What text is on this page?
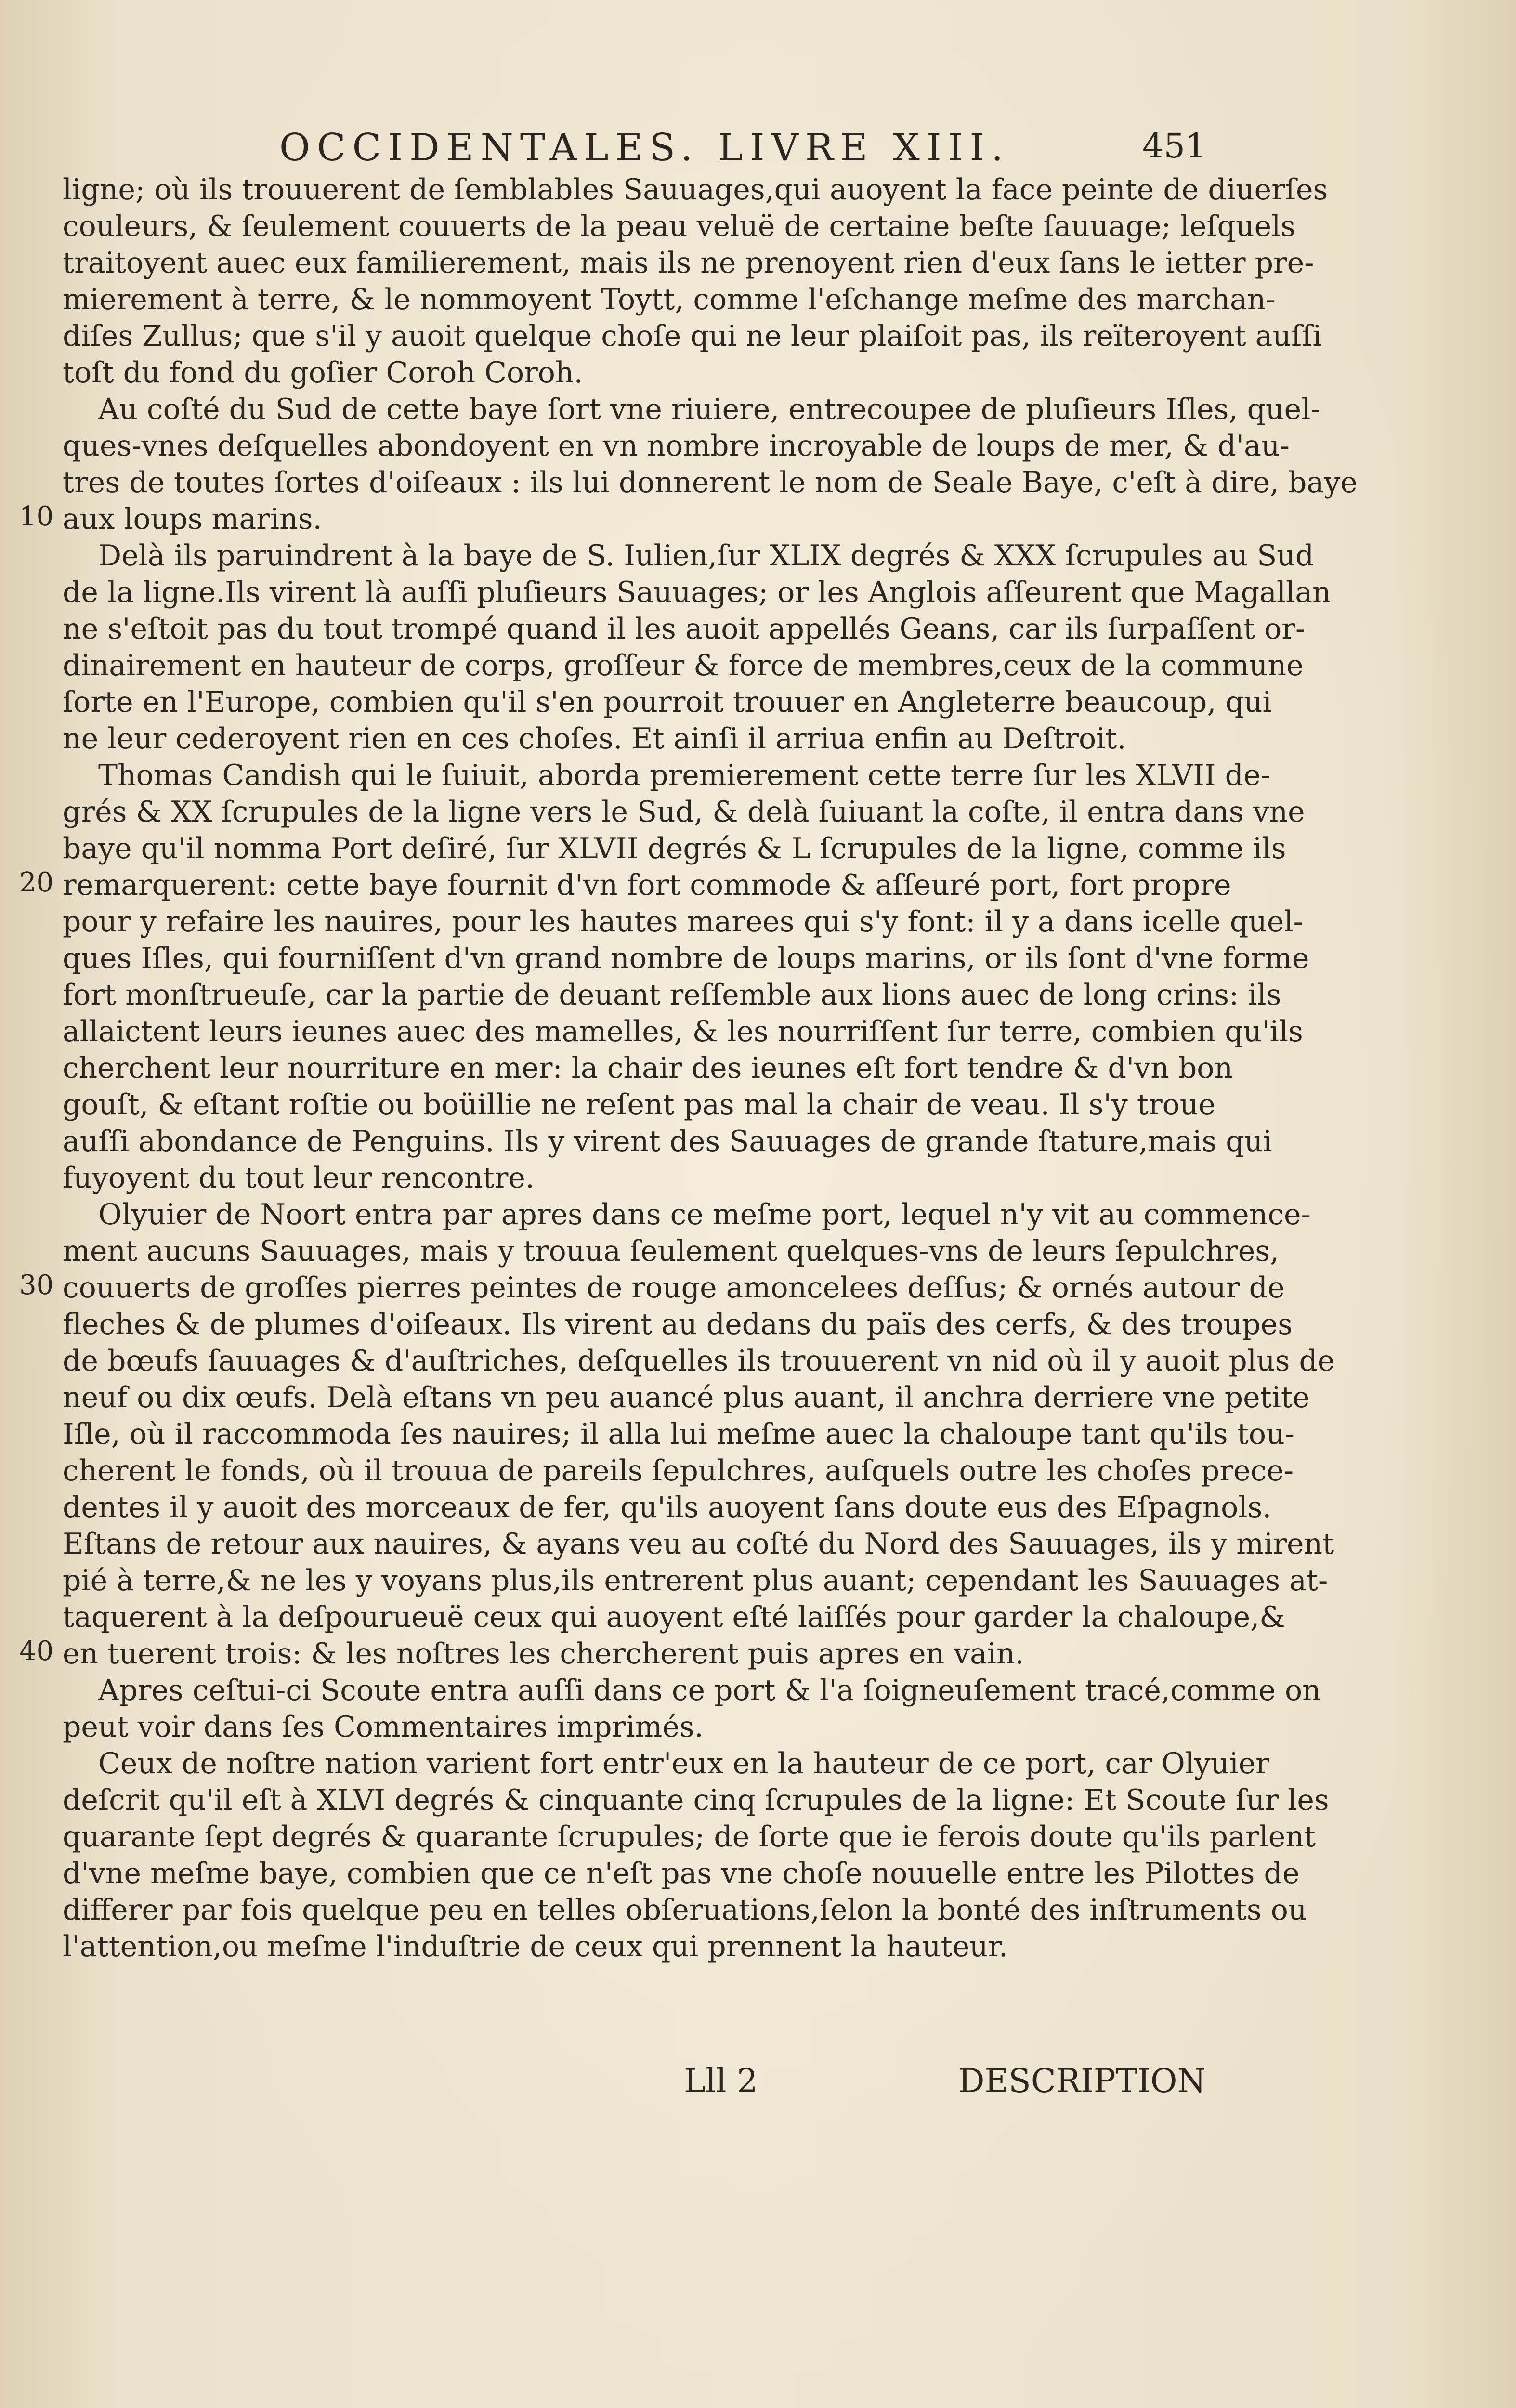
OCCIDENTALES. LIVRE XIII.	451
ligne; où ils trouuerent de ſemblables Sauuages,qui auoyent la face peinte de diuerſes
couleurs, & ſeulement couuerts de la peau veluë de certaine beſte ſauuage; leſquels
traitoyent auec eux familierement, mais ils ne prenoyent rien d'eux ſans le ietter pre-
mierement à terre, & le nommoyent Toytt, comme l'eſchange meſme des marchan-
diſes Zullus; que s'il y auoit quelque choſe qui ne leur plaiſoit pas, ils reïteroyent auſſi
toſt du fond du goſier Coroh Coroh.
Au coſté du Sud de cette baye ſort vne riuiere, entrecoupee de pluſieurs Iſles, quel-
ques-vnes deſquelles abondoyent en vn nombre incroyable de loups de mer, & d'au-
tres de toutes ſortes d'oiſeaux : ils lui donnerent le nom de Seale Baye, c'eſt à dire, baye
aux loups marins.
Delà ils paruindrent à la baye de S. Iulien,ſur XLIX degrés & XXX ſcrupules au Sud
de la ligne.Ils virent là auſſi pluſieurs Sauuages; or les Anglois aſſeurent que Magallan
ne s'eſtoit pas du tout trompé quand il les auoit appellés Geans, car ils ſurpaſſent or-
dinairement en hauteur de corps, groſſeur & force de membres,ceux de la commune
ſorte en l'Europe, combien qu'il s'en pourroit trouuer en Angleterre beaucoup, qui
ne leur cederoyent rien en ces choſes. Et ainſi il arriua enfin au Deſtroit.
Thomas Candish qui le ſuiuit, aborda premierement cette terre ſur les XLVII de-
grés & XX ſcrupules de la ligne vers le Sud, & delà ſuiuant la coſte, il entra dans vne
baye qu'il nomma Port deſiré, ſur XLVII degrés & L ſcrupules de la ligne, comme ils
remarquerent: cette baye fournit d'vn fort commode & aſſeuré port, fort propre
pour y refaire les nauires, pour les hautes marees qui s'y font: il y a dans icelle quel-
ques Iſles, qui fourniſſent d'vn grand nombre de loups marins, or ils ſont d'vne forme
fort monſtrueuſe, car la partie de deuant reſſemble aux lions auec de long crins: ils
allaictent leurs ieunes auec des mamelles, & les nourriſſent ſur terre, combien qu'ils
cherchent leur nourriture en mer: la chair des ieunes eſt fort tendre & d'vn bon
gouſt, & eſtant roſtie ou boüillie ne reſent pas mal la chair de veau. Il s'y troue
auſſi abondance de Penguins. Ils y virent des Sauuages de grande ſtature,mais qui
fuyoyent du tout leur rencontre.
Olyuier de Noort entra par apres dans ce meſme port, lequel n'y vit au commence-
ment aucuns Sauuages, mais y trouua ſeulement quelques-vns de leurs ſepulchres,
couuerts de groſſes pierres peintes de rouge amoncelees deſſus; & ornés autour de
fleches & de plumes d'oiſeaux. Ils virent au dedans du païs des cerfs, & des troupes
de bœufs ſauuages & d'auſtriches, deſquelles ils trouuerent vn nid où il y auoit plus de
neuf ou dix œufs. Delà eſtans vn peu auancé plus auant, il anchra derriere vne petite
Iſle, où il raccommoda ſes nauires; il alla lui meſme auec la chaloupe tant qu'ils tou-
cherent le fonds, où il trouua de pareils ſepulchres, auſquels outre les choſes prece-
dentes il y auoit des morceaux de fer, qu'ils auoyent ſans doute eus des Eſpagnols.
Eſtans de retour aux nauires, & ayans veu au coſté du Nord des Sauuages, ils y mirent
pié à terre,& ne les y voyans plus,ils entrerent plus auant; cependant les Sauuages at-
taquerent à la deſpourueuë ceux qui auoyent eſté laiſſés pour garder la chaloupe,&
en tuerent trois: & les noſtres les chercherent puis apres en vain.
Apres ceſtui-ci Scoute entra auſſi dans ce port & l'a ſoigneuſement tracé,comme on
peut voir dans ſes Commentaires imprimés.
Ceux de noſtre nation varient fort entr'eux en la hauteur de ce port, car Olyuier
deſcrit qu'il eſt à XLVI degrés & cinquante cinq ſcrupules de la ligne: Et Scoute ſur les
quarante ſept degrés & quarante ſcrupules; de ſorte que ie ferois doute qu'ils parlent
d'vne meſme baye, combien que ce n'eſt pas vne choſe nouuelle entre les Pilottes de
differer par fois quelque peu en telles obſeruations,ſelon la bonté des inſtruments ou
l'attention,ou meſme l'induſtrie de ceux qui prennent la hauteur.
Lll 2	DESCRIPTION
10
20
30
40
